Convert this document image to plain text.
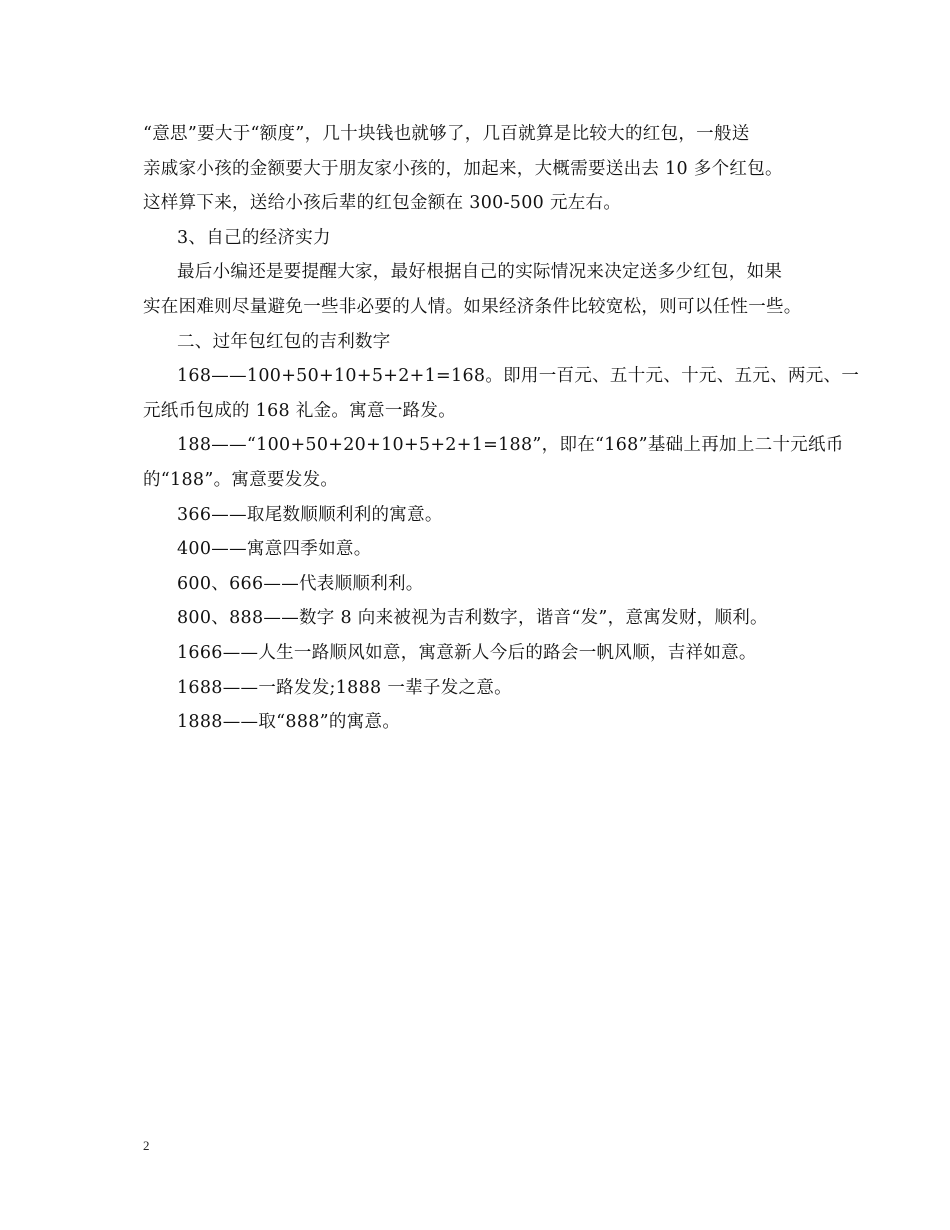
“意思”要大于“额度”，几十块钱也就够了，几百就算是比较大的红包，一般送

亲戚家小孩的金额要大于朋友家小孩的，加起来，大概需要送出去 10 多个红包。

这样算下来，送给小孩后辈的红包金额在 300-500 元左右。

3、自己的经济实力

最后小编还是要提醒大家，最好根据自己的实际情况来决定送多少红包，如果

实在困难则尽量避免一些非必要的人情。如果经济条件比较宽松，则可以任性一些。

二、过年包红包的吉利数字

168——100+50+10+5+2+1=168。即用一百元、五十元、十元、五元、两元、一

元纸币包成的 168 礼金。寓意一路发。

188——“100+50+20+10+5+2+1=188”，即在“168”基础上再加上二十元纸币

的“188”。寓意要发发。

366——取尾数顺顺利利的寓意。

400——寓意四季如意。

600、666——代表顺顺利利。

800、888——数字 8 向来被视为吉利数字，谐音“发”，意寓发财，顺利。

1666——人生一路顺风如意，寓意新人今后的路会一帆风顺，吉祥如意。

1688——一路发发;1888 一辈子发之意。

1888——取“888”的寓意。

2
